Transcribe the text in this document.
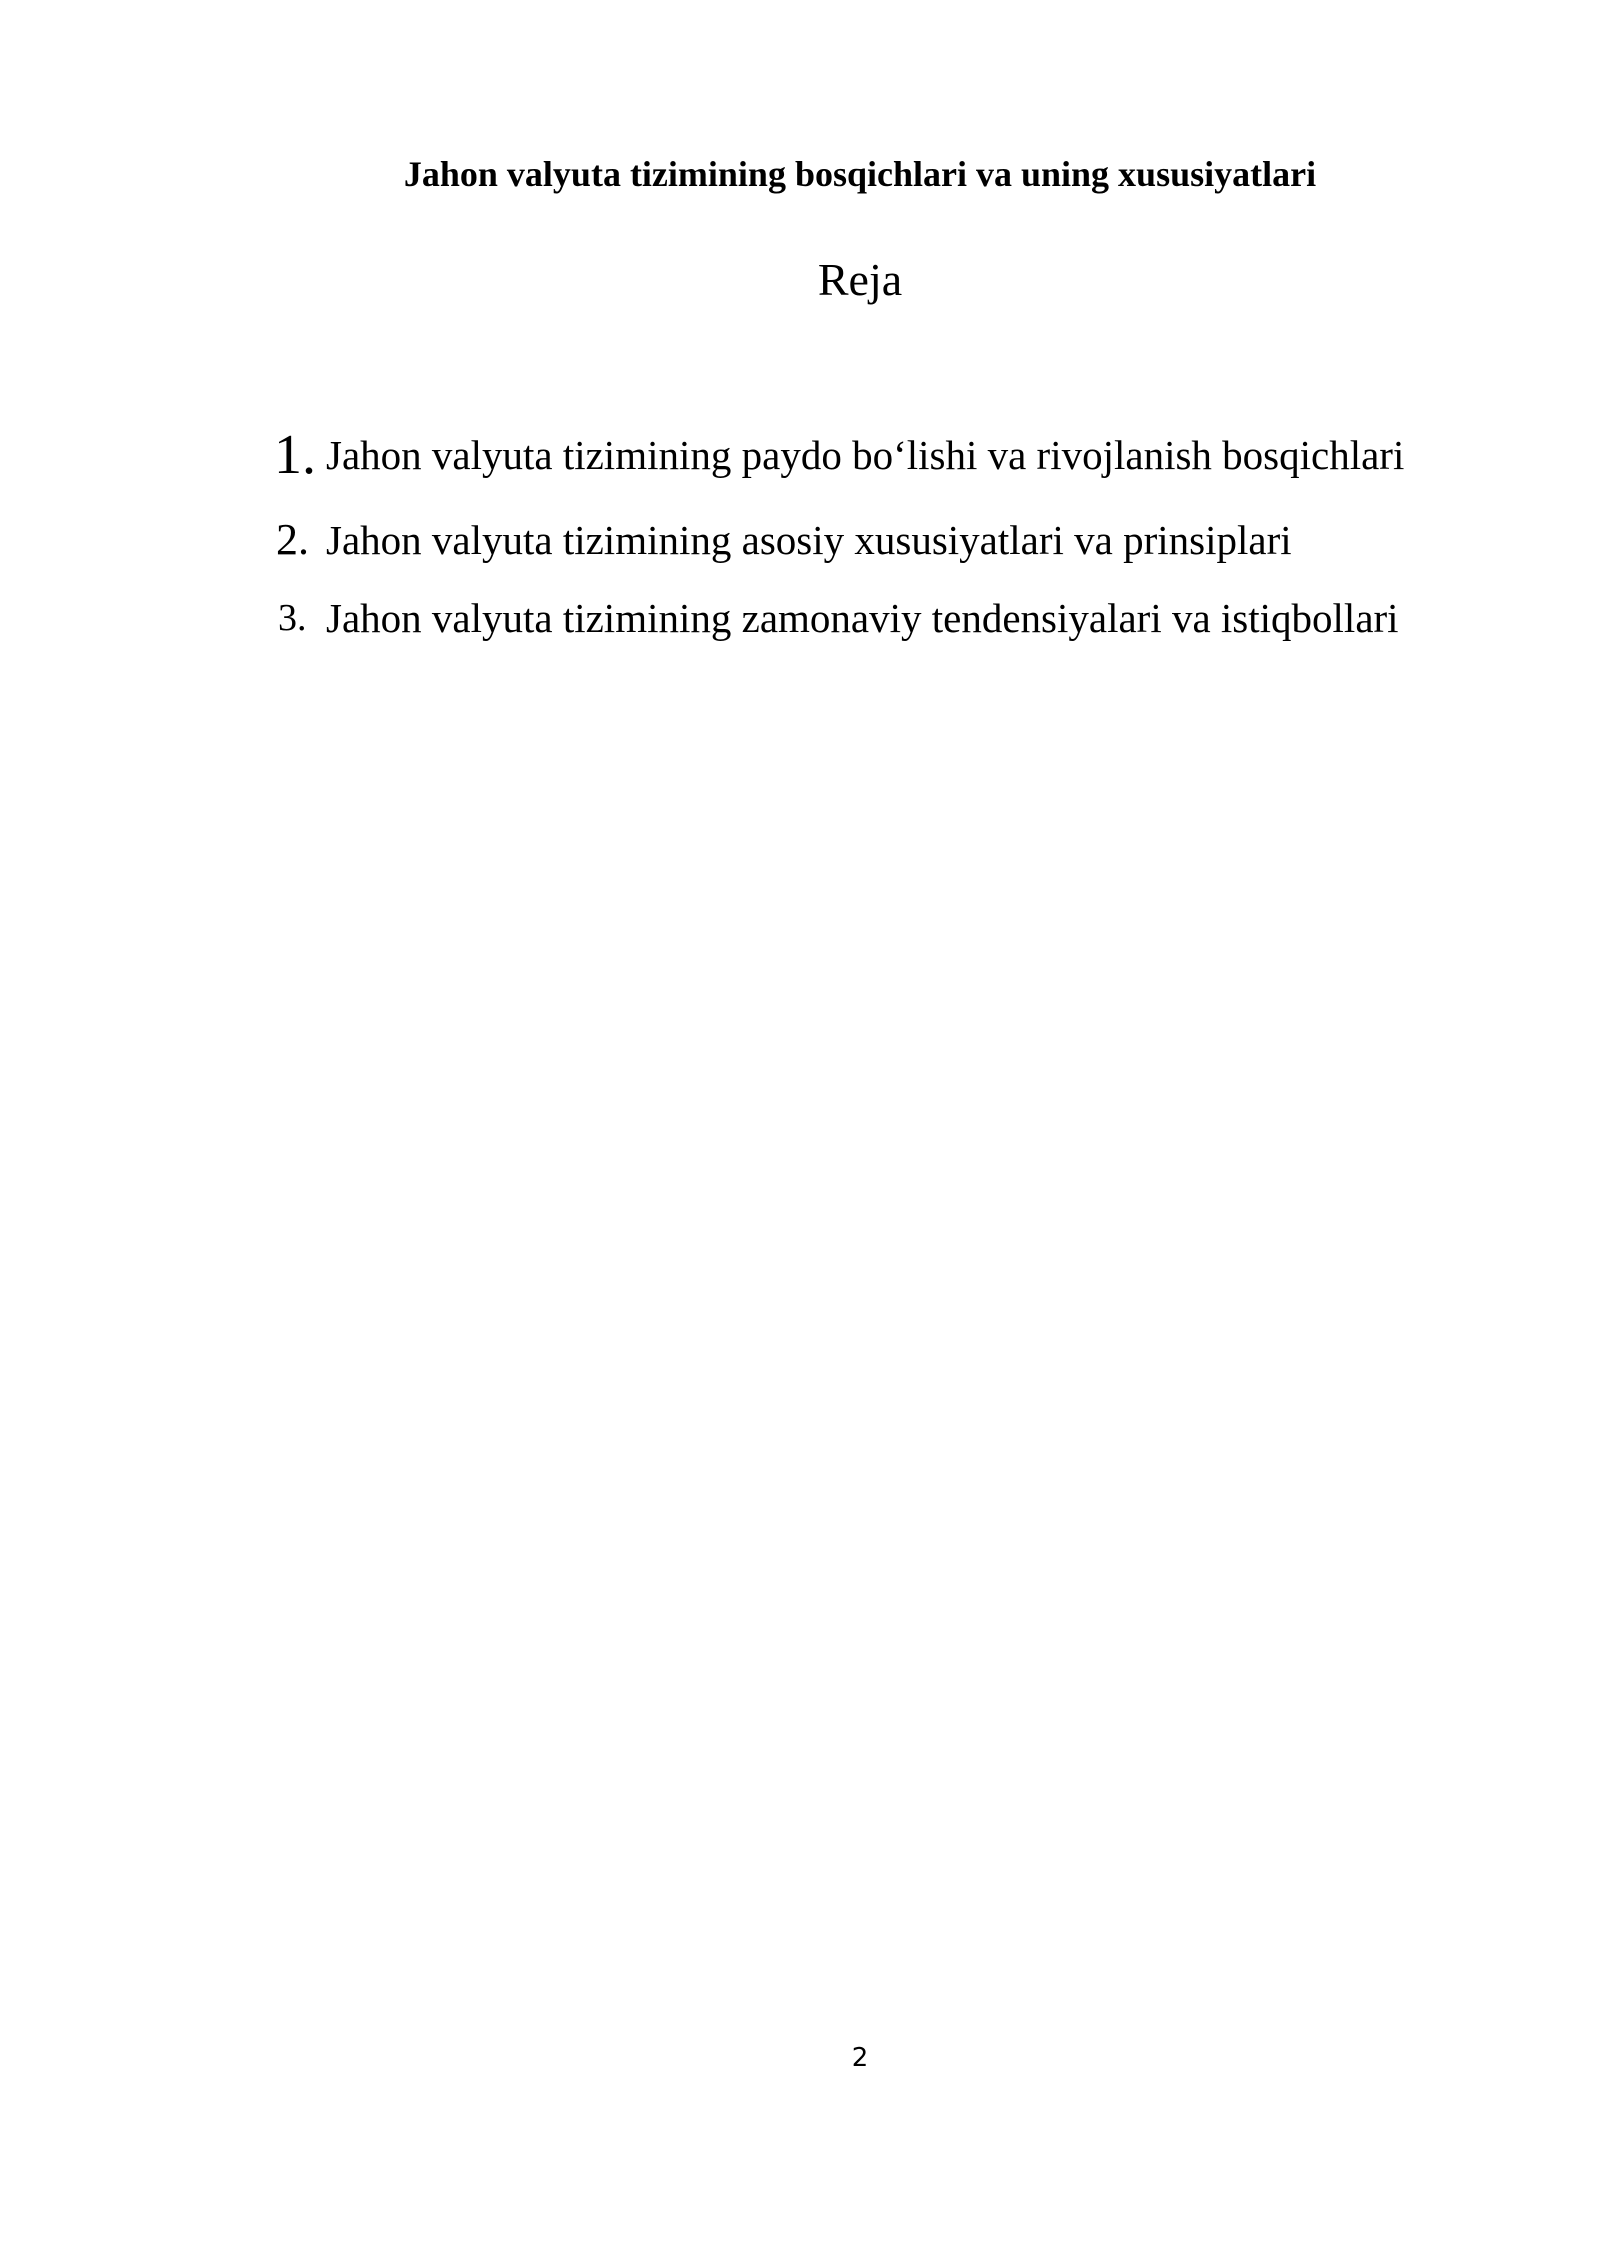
Jahon valyuta tizimining bosqichlari va uning xususiyatlari
Reja
1. Jahon valyuta tizimining paydo bo‘lishi va rivojlanish bosqichlari
2. Jahon valyuta tizimining asosiy xususiyatlari va prinsiplari
3. Jahon valyuta tizimining zamonaviy tendensiyalari va istiqbollari
2
